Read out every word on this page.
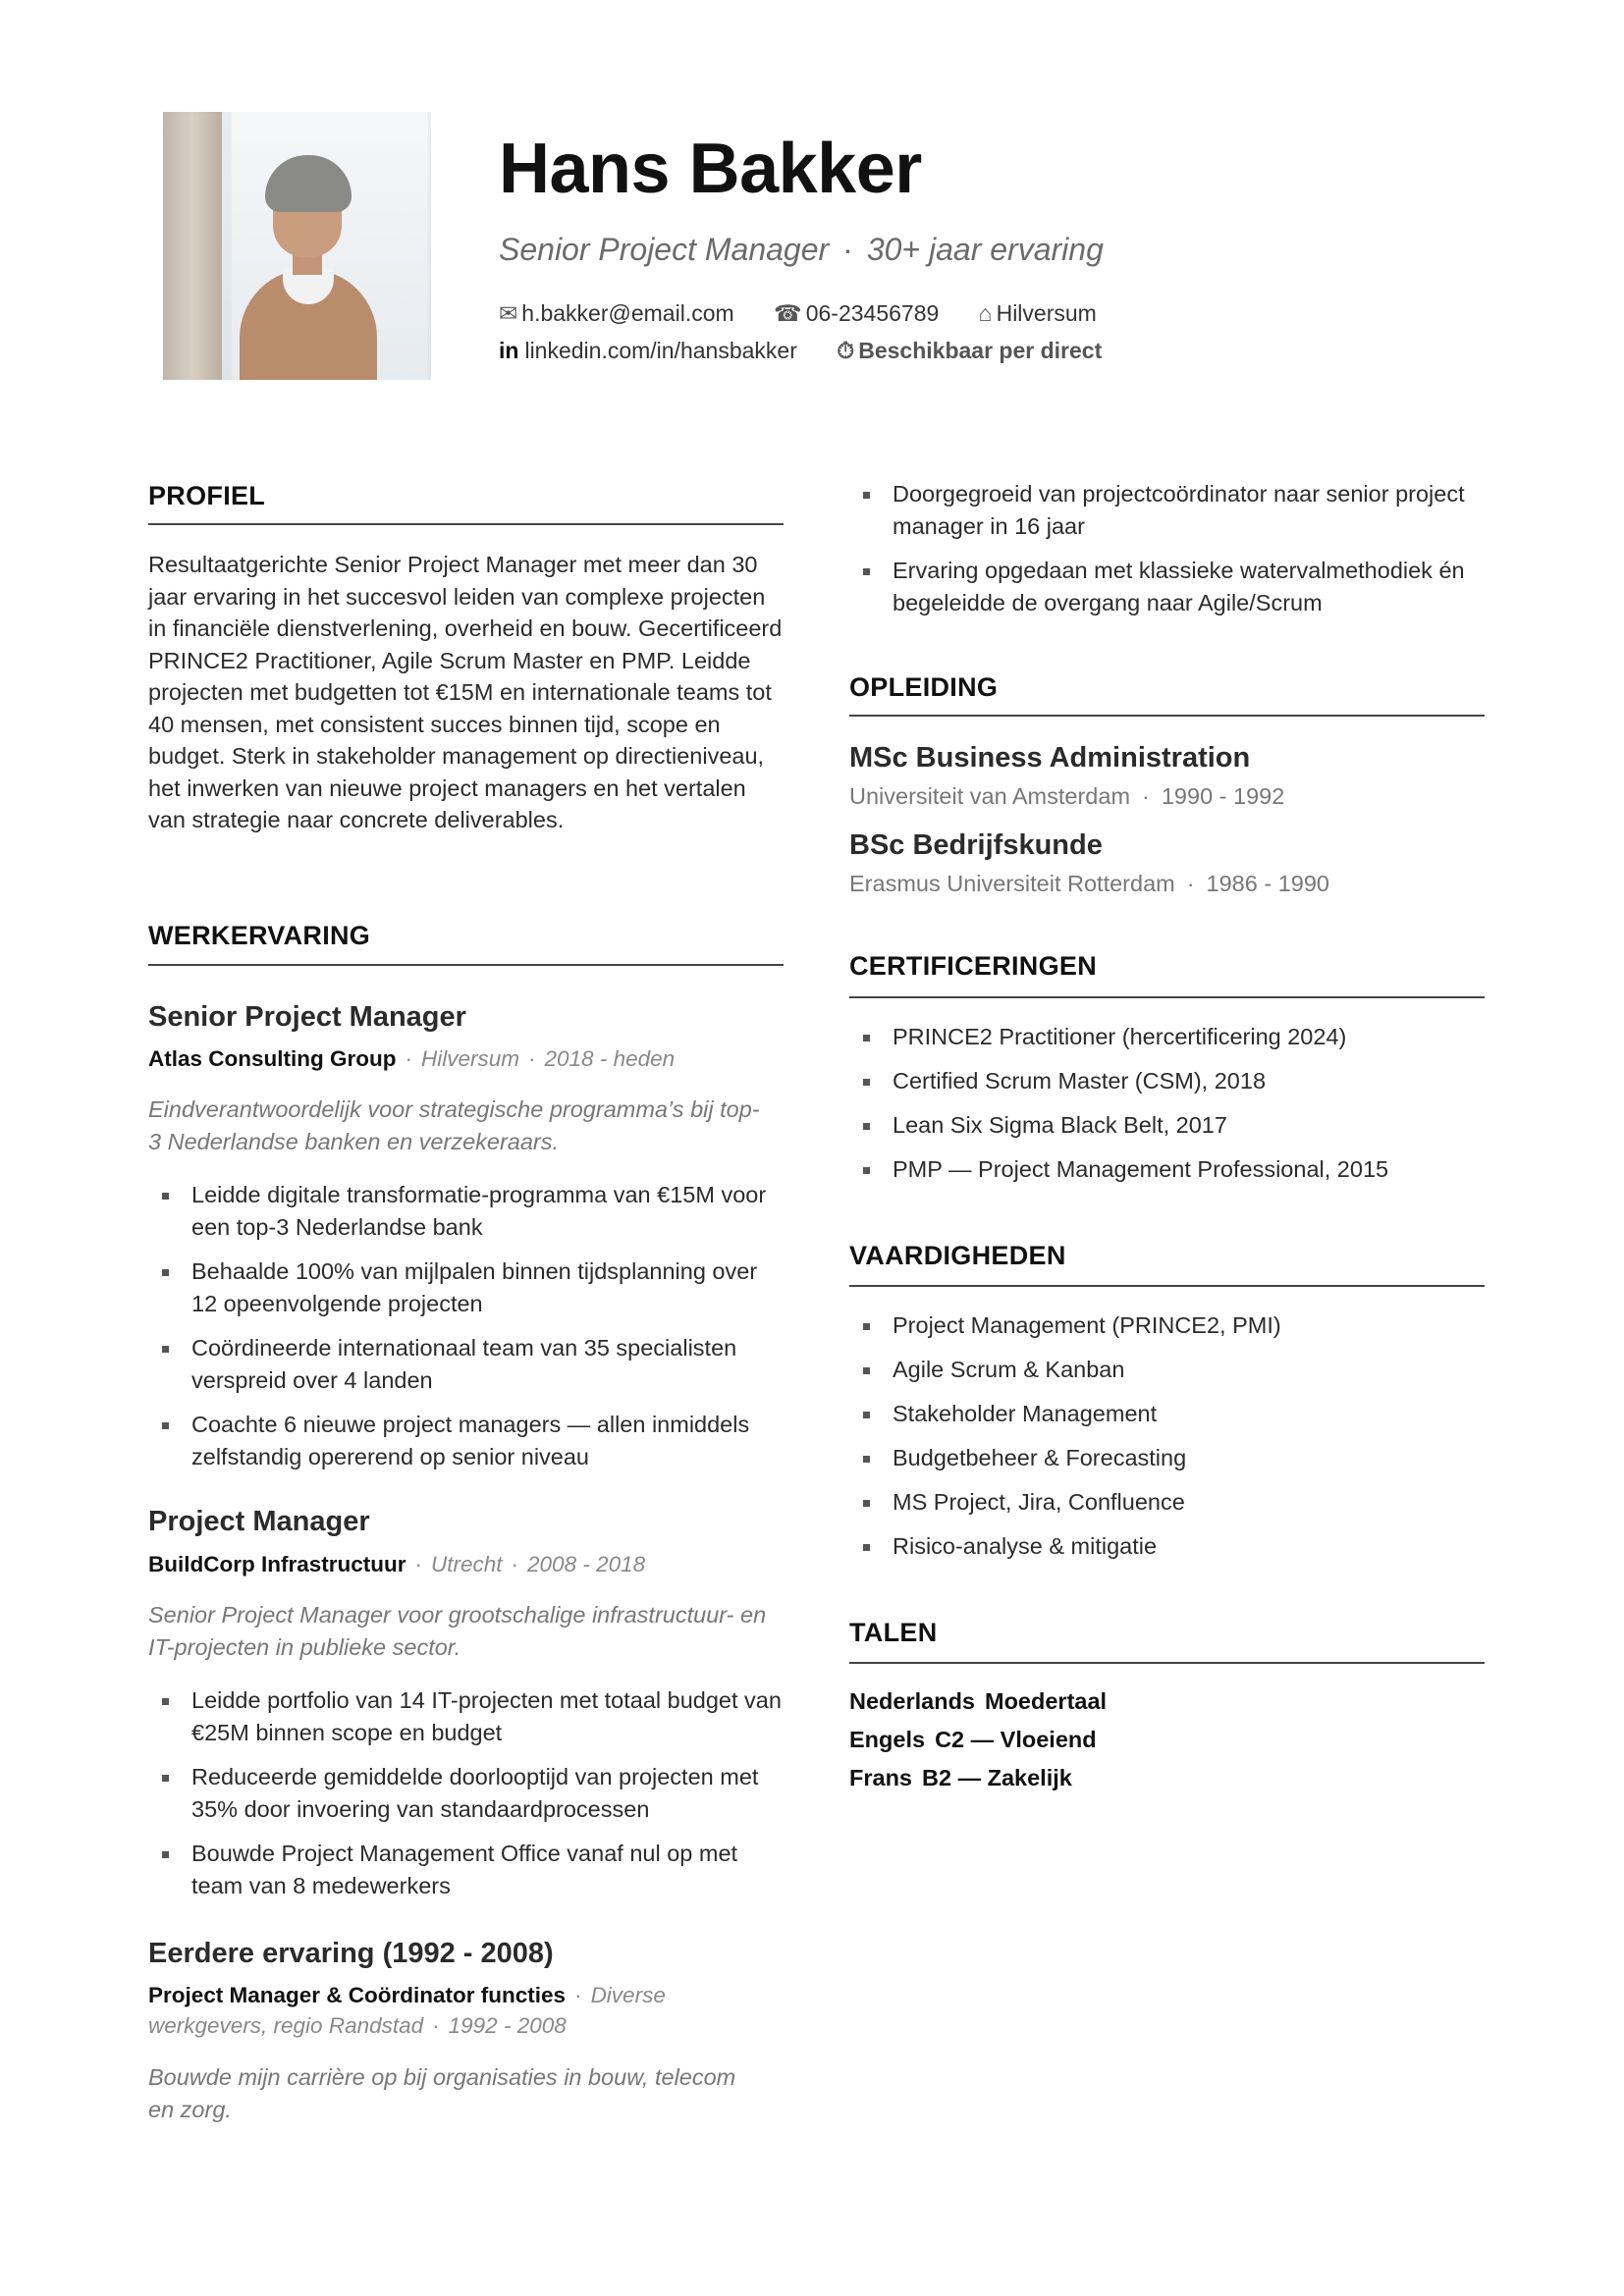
Hans Bakker
Senior Project Manager · 30+ jaar ervaring
✉ h.bakker@email.com ☎ 06-23456789 ⌂ Hilversum
in linkedin.com/in/hansbakker ⏱ Beschikbaar per direct
PROFIEL
Resultaatgerichte Senior Project Manager met meer dan 30 jaar ervaring in het succesvol leiden van complexe projecten in financiële dienstverlening, overheid en bouw. Gecertificeerd PRINCE2 Practitioner, Agile Scrum Master en PMP. Leidde projecten met budgetten tot €15M en internationale teams tot 40 mensen, met consistent succes binnen tijd, scope en budget. Sterk in stakeholder management op directieniveau, het inwerken van nieuwe project managers en het vertalen van strategie naar concrete deliverables.
WERKERVARING
Senior Project Manager
Atlas Consulting Group · Hilversum · 2018 - heden
Eindverantwoordelijk voor strategische programma’s bij top-3 Nederlandse banken en verzekeraars.
Leidde digitale transformatie-programma van €15M voor een top-3 Nederlandse bank
Behaalde 100% van mijlpalen binnen tijdsplanning over 12 opeenvolgende projecten
Coördineerde internationaal team van 35 specialisten verspreid over 4 landen
Coachte 6 nieuwe project managers — allen inmiddels zelfstandig opererend op senior niveau
Project Manager
BuildCorp Infrastructuur · Utrecht · 2008 - 2018
Senior Project Manager voor grootschalige infrastructuur- en IT-projecten in publieke sector.
Leidde portfolio van 14 IT-projecten met totaal budget van €25M binnen scope en budget
Reduceerde gemiddelde doorlooptijd van projecten met 35% door invoering van standaardprocessen
Bouwde Project Management Office vanaf nul op met team van 8 medewerkers
Eerdere ervaring (1992 - 2008)
Project Manager & Coördinator functies · Diverse
werkgevers, regio Randstad · 1992 - 2008
Bouwde mijn carrière op bij organisaties in bouw, telecom en zorg.
Doorgegroeid van projectcoördinator naar senior project manager in 16 jaar
Ervaring opgedaan met klassieke watervalmethodiek én begeleidde de overgang naar Agile/Scrum
OPLEIDING
MSc Business Administration
Universiteit van Amsterdam · 1990 - 1992
BSc Bedrijfskunde
Erasmus Universiteit Rotterdam · 1986 - 1990
CERTIFICERINGEN
PRINCE2 Practitioner (hercertificering 2024)
Certified Scrum Master (CSM), 2018
Lean Six Sigma Black Belt, 2017
PMP — Project Management Professional, 2015
VAARDIGHEDEN
Project Management (PRINCE2, PMI)
Agile Scrum & Kanban
Stakeholder Management
Budgetbeheer & Forecasting
MS Project, Jira, Confluence
Risico-analyse & mitigatie
TALEN
Nederlands Moedertaal
Engels C2 — Vloeiend
Frans B2 — Zakelijk
